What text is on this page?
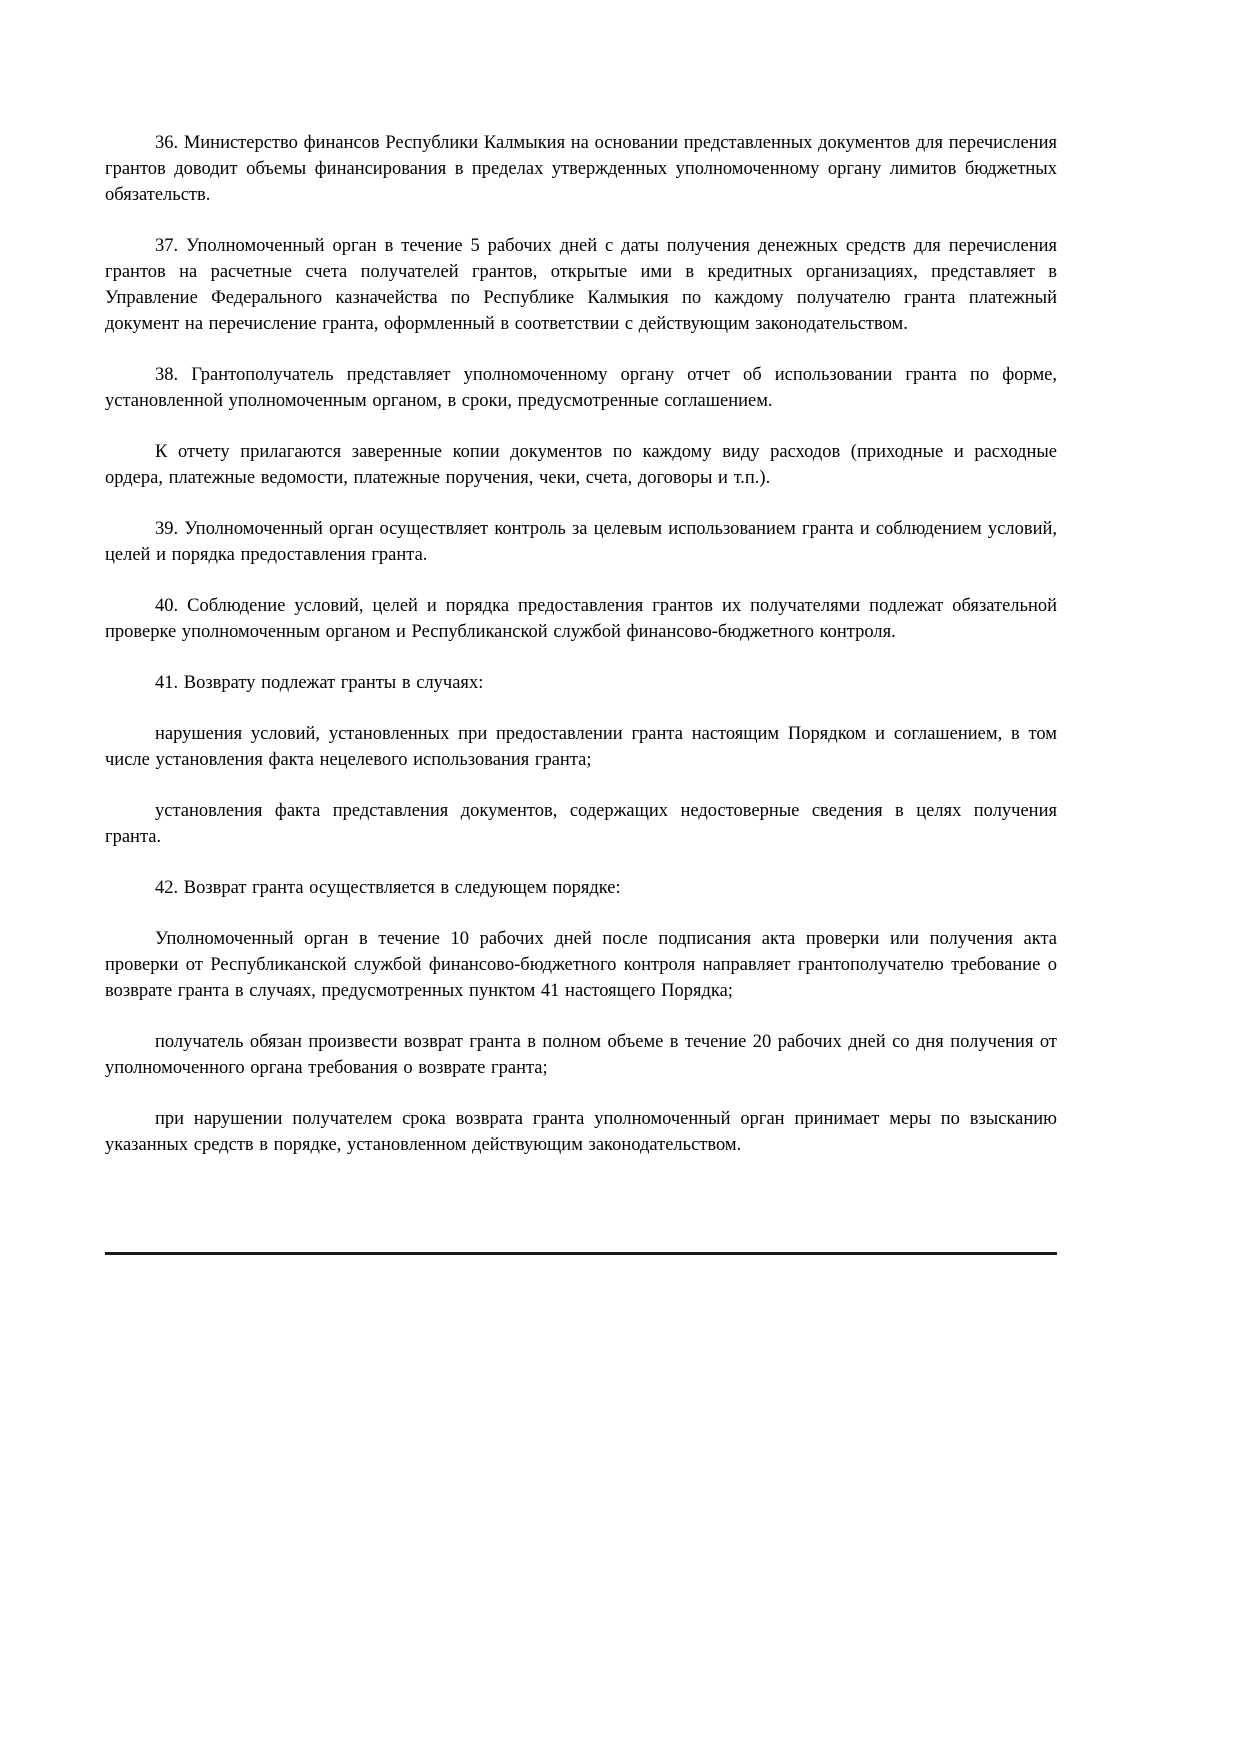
36. Министерство финансов Республики Калмыкия на основании представленных документов для перечисления грантов доводит объемы финансирования в пределах утвержденных уполномоченному органу лимитов бюджетных обязательств.

37. Уполномоченный орган в течение 5 рабочих дней с даты получения денежных средств для перечисления грантов на расчетные счета получателей грантов, открытые ими в кредитных организациях, представляет в Управление Федерального казначейства по Республике Калмыкия по каждому получателю гранта платежный документ на перечисление гранта, оформленный в соответствии с действующим законодательством.

38. Грантополучатель представляет уполномоченному органу отчет об использовании гранта по форме, установленной уполномоченным органом, в сроки, предусмотренные соглашением.

К отчету прилагаются заверенные копии документов по каждому виду расходов (приходные и расходные ордера, платежные ведомости, платежные поручения, чеки, счета, договоры и т.п.).

39. Уполномоченный орган осуществляет контроль за целевым использованием гранта и соблюдением условий, целей и порядка предоставления гранта.

40. Соблюдение условий, целей и порядка предоставления грантов их получателями подлежат обязательной проверке уполномоченным органом и Республиканской службой финансово-бюджетного контроля.

41. Возврату подлежат гранты в случаях:

нарушения условий, установленных при предоставлении гранта настоящим Порядком и соглашением, в том числе установления факта нецелевого использования гранта;

установления факта представления документов, содержащих недостоверные сведения в целях получения гранта.

42. Возврат гранта осуществляется в следующем порядке:

Уполномоченный орган в течение 10 рабочих дней после подписания акта проверки или получения акта проверки от Республиканской службой финансово-бюджетного контроля направляет грантополучателю требование о возврате гранта в случаях, предусмотренных пунктом 41 настоящего Порядка;

получатель обязан произвести возврат гранта в полном объеме в течение 20 рабочих дней со дня получения от уполномоченного органа требования о возврате гранта;

при нарушении получателем срока возврата гранта уполномоченный орган принимает меры по взысканию указанных средств в порядке, установленном действующим законодательством.
